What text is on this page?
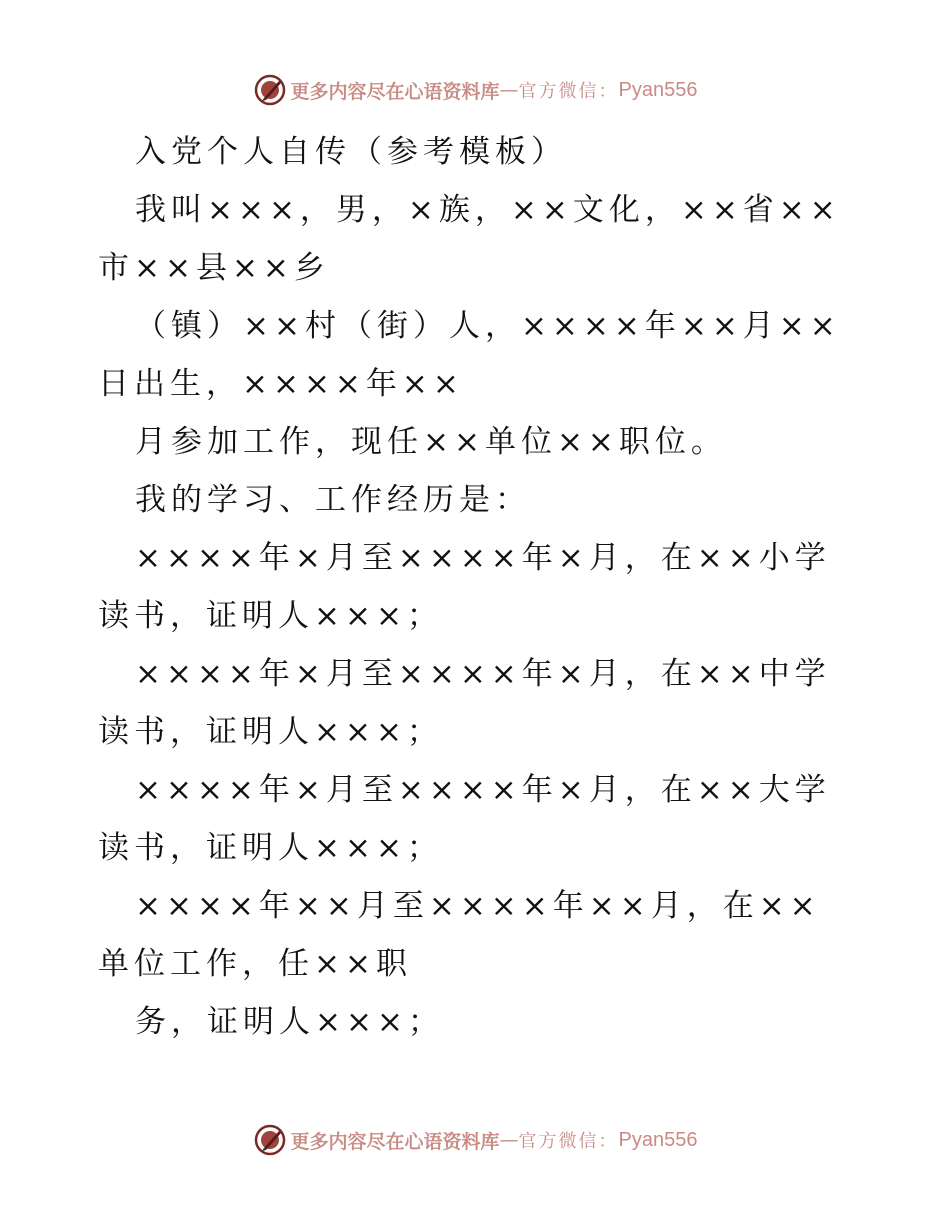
更多内容尽在心语资料库 — 官方微信： Pyan556
入党个人自传（参考模板）
我叫×××，男，×族，××文化，××省××
市××县××乡
（镇）××村（街）人，××××年××月××
日出生，××××年××
月参加工作，现任××单位××职位。
我的学习、工作经历是：
××××年×月至××××年×月，在××小学
读书，证明人×××；
××××年×月至××××年×月，在××中学
读书，证明人×××；
××××年×月至××××年×月，在××大学
读书，证明人×××；
××××年××月至××××年××月，在××
单位工作，任××职
务，证明人×××；
更多内容尽在心语资料库 — 官方微信： Pyan556
